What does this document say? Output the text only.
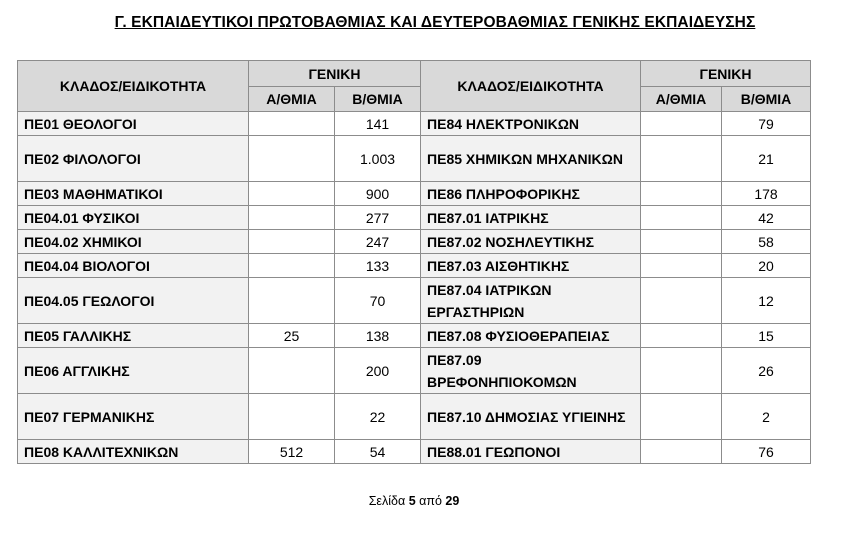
Γ. ΕΚΠΑΙΔΕΥΤΙΚΟΙ ΠΡΩΤΟΒΑΘΜΙΑΣ ΚΑΙ ΔΕΥΤΕΡΟΒΑΘΜΙΑΣ ΓΕΝΙΚΗΣ ΕΚΠΑΙΔΕΥΣΗΣ
ΚΛΑΔΟΣ/ΕΙΔΙΚΟΤΗΤΑ	ΓΕΝΙΚΗ		ΚΛΑΔΟΣ/ΕΙΔΙΚΟΤΗΤΑ	ΓΕΝΙΚΗ	
	Α/ΘΜΙΑ	Β/ΘΜΙΑ		Α/ΘΜΙΑ	Β/ΘΜΙΑ
ΠΕ01 ΘΕΟΛΟΓΟΙ		141	ΠΕ84 ΗΛΕΚΤΡΟΝΙΚΩΝ		79
ΠΕ02 ΦΙΛΟΛΟΓΟΙ		1.003	ΠΕ85 ΧΗΜΙΚΩΝ ΜΗΧΑΝΙΚΩΝ		21
ΠΕ03 ΜΑΘΗΜΑΤΙΚΟΙ		900	ΠΕ86 ΠΛΗΡΟΦΟΡΙΚΗΣ		178
ΠΕ04.01 ΦΥΣΙΚΟΙ		277	ΠΕ87.01 ΙΑΤΡΙΚΗΣ		42
ΠΕ04.02 ΧΗΜΙΚΟΙ		247	ΠΕ87.02 ΝΟΣΗΛΕΥΤΙΚΗΣ		58
ΠΕ04.04 ΒΙΟΛΟΓΟΙ		133	ΠΕ87.03 ΑΙΣΘΗΤΙΚΗΣ		20
ΠΕ04.05 ΓΕΩΛΟΓΟΙ		70	ΠΕ87.04 ΙΑΤΡΙΚΩΝ ΕΡΓΑΣΤΗΡΙΩΝ		12
ΠΕ05 ΓΑΛΛΙΚΗΣ	25	138	ΠΕ87.08 ΦΥΣΙΟΘΕΡΑΠΕΙΑΣ		15
ΠΕ06 ΑΓΓΛΙΚΗΣ		200	ΠΕ87.09 ΒΡΕΦΟΝΗΠΙΟΚΟΜΩΝ		26
ΠΕ07 ΓΕΡΜΑΝΙΚΗΣ		22	ΠΕ87.10 ΔΗΜΟΣΙΑΣ ΥΓΙΕΙΝΗΣ		2
ΠΕ08 ΚΑΛΛΙΤΕΧΝΙΚΩΝ	512	54	ΠΕ88.01 ΓΕΩΠΟΝΟΙ		76
Σελίδα 5 από 29
